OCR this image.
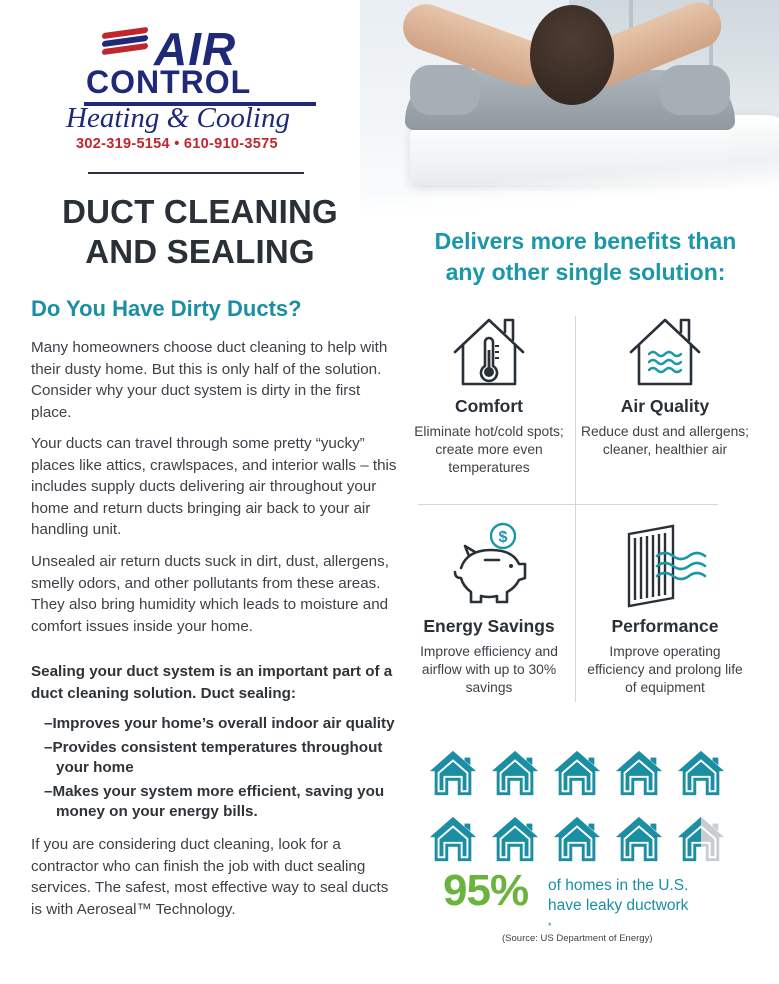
AIR
CONTROL
Heating & Cooling
302-319-5154 • 610-910-3575
DUCT CLEANING
AND SEALING	Delivers more benefits than
any other single solution:
Do You Have Dirty Ducts?

Many homeowners choose duct cleaning to help with their dusty home. But this is only half of the solution. Consider why your duct system is dirty in the first place.

Your ducts can travel through some pretty “yucky” places like attics, crawlspaces, and interior walls – this includes supply ducts delivering air throughout your home and return ducts bringing air back to your air handling unit.

Unsealed air return ducts suck in dirt, dust, allergens, smelly odors, and other pollutants from these areas. They also bring humidity which leads to moisture and comfort issues inside your home.

Sealing your duct system is an important part of a duct cleaning solution. Duct sealing:

–Improves your home’s overall indoor air quality
–Provides consistent temperatures throughout your home
–Makes your system more efficient, saving you money on your energy bills.

If you are considering duct cleaning, look for a contractor who can finish the job with duct sealing services. The safest, most effective way to seal ducts is with Aeroseal™ Technology.

Comfort
Eliminate hot/cold spots; create more even temperatures
Air Quality
Reduce dust and allergens; cleaner, healthier air
$
Energy Savings
Improve efficiency and airflow with up to 30% savings
Performance
Improve operating efficiency and prolong life of equipment
95% of homes in the U.S.
have leaky ductwork
*
(Source: US Department of Energy)
